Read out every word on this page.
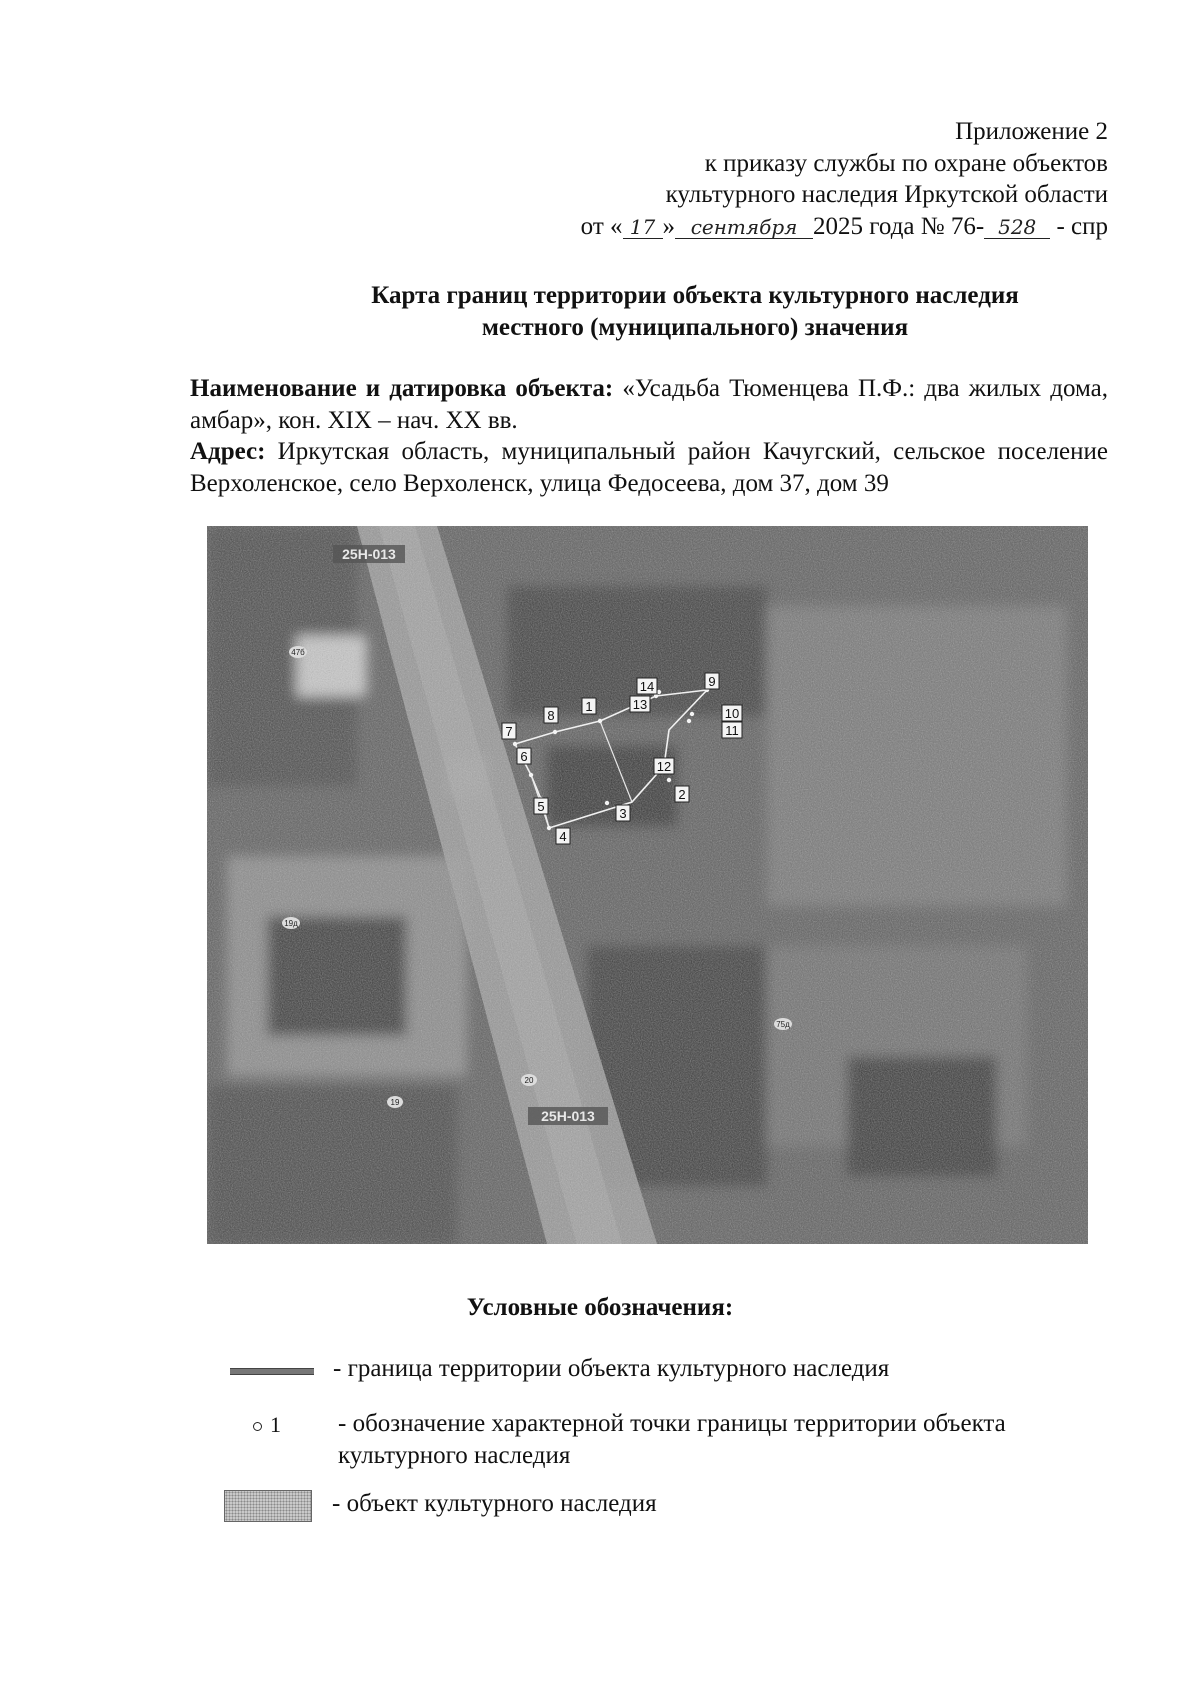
Приложение 2
к приказу службы по охране объектов
культурного наследия Иркутской области
от « 17 » сентября 2025 года № 76- 528 - спр
Карта границ территории объекта культурного наследия
местного (муниципального) значения

Наименование и датировка объекта: «Усадьба Тюменцева П.Ф.: два жилых дома, амбар», кон. XIX – нач. XX вв.

Адрес: Иркутская область, муниципальный район Качугский, сельское поселение Верхоленское, село Верхоленск, улица Федосеева, дом 37, дом 39

1
2
3
4
5
6
7
8
9
10
11
12
13
14
25Н-013
25Н-013
47б
19д
75д
20
19
Условные обозначения:
- граница территории объекта культурного наследия
1 - обозначение характерной точки границы территории объекта
культурного наследия
- объект культурного наследия
